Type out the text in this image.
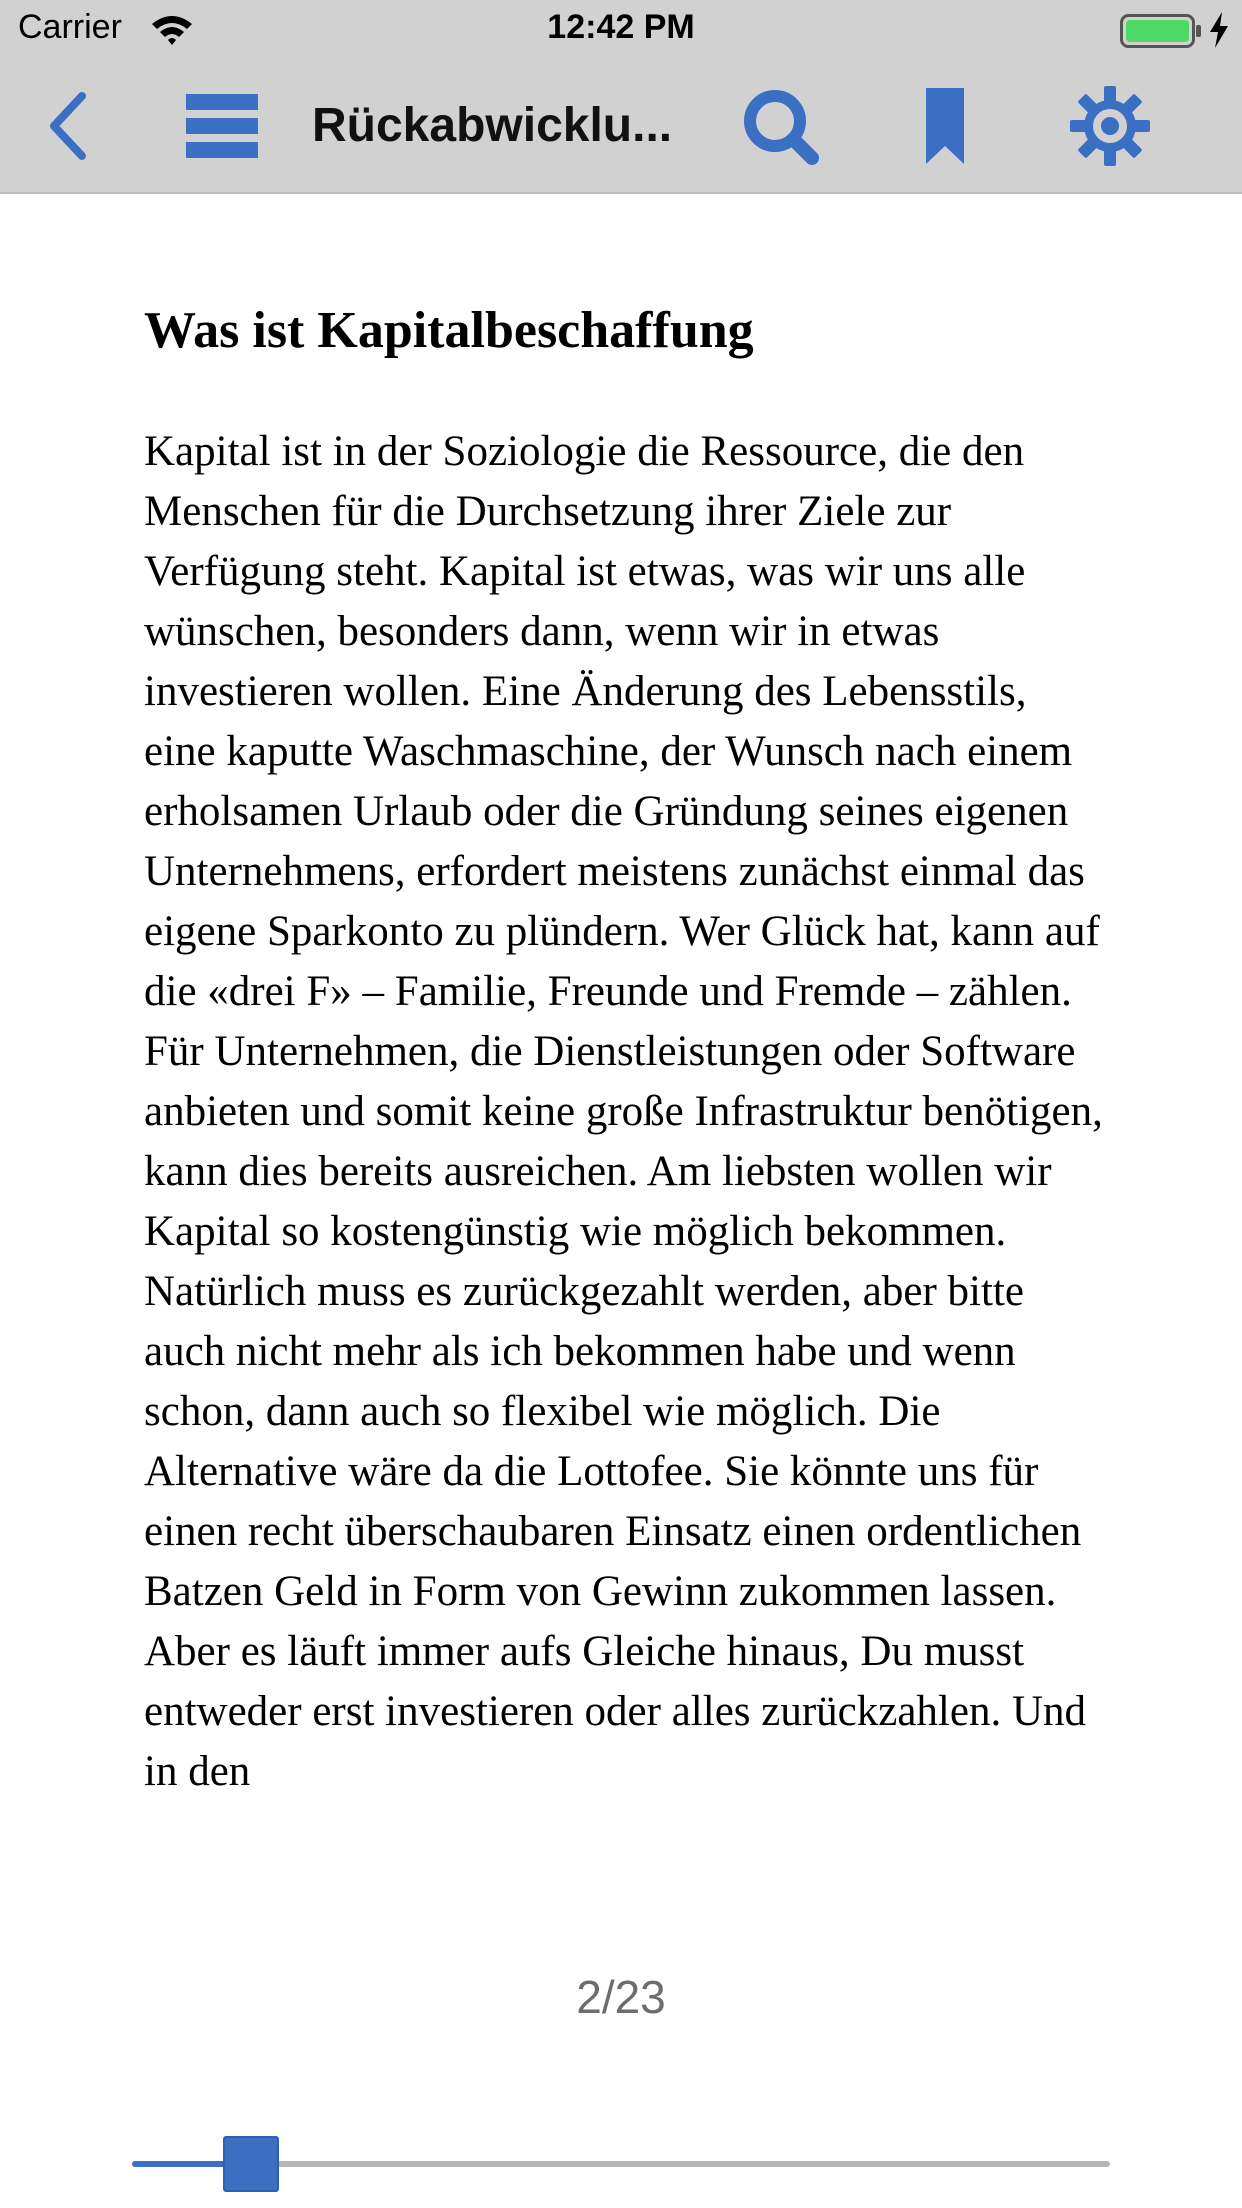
Carrier	12:42 PM
Rückabwicklu...
Was ist Kapitalbeschaffung

Kapital ist in der Soziologie die Ressource, die den Menschen für die Durchsetzung ihrer Ziele zur Verfügung steht. Kapital ist etwas, was wir uns alle wünschen, besonders dann, wenn wir in etwas investieren wollen. Eine Änderung des Lebensstils, eine kaputte Waschmaschine, der Wunsch nach einem erholsamen Urlaub oder die Gründung seines eigenen Unternehmens, erfordert meistens zunächst einmal das eigene Sparkonto zu plündern. Wer Glück hat, kann auf die «drei F» – Familie, Freunde und Fremde – zählen. Für Unternehmen, die Dienstleistungen oder Software anbieten und somit keine große Infrastruktur benötigen, kann dies bereits ausreichen. Am liebsten wollen wir Kapital so kostengünstig wie möglich bekommen. Natürlich muss es zurückgezahlt werden, aber bitte auch nicht mehr als ich bekommen habe und wenn schon, dann auch so flexibel wie möglich. Die Alternative wäre da die Lottofee. Sie könnte uns für einen recht überschaubaren Einsatz einen ordentlichen Batzen Geld in Form von Gewinn zukommen lassen. Aber es läuft immer aufs Gleiche hinaus, Du musst entweder erst investieren oder alles zurückzahlen. Und in den

2/23
